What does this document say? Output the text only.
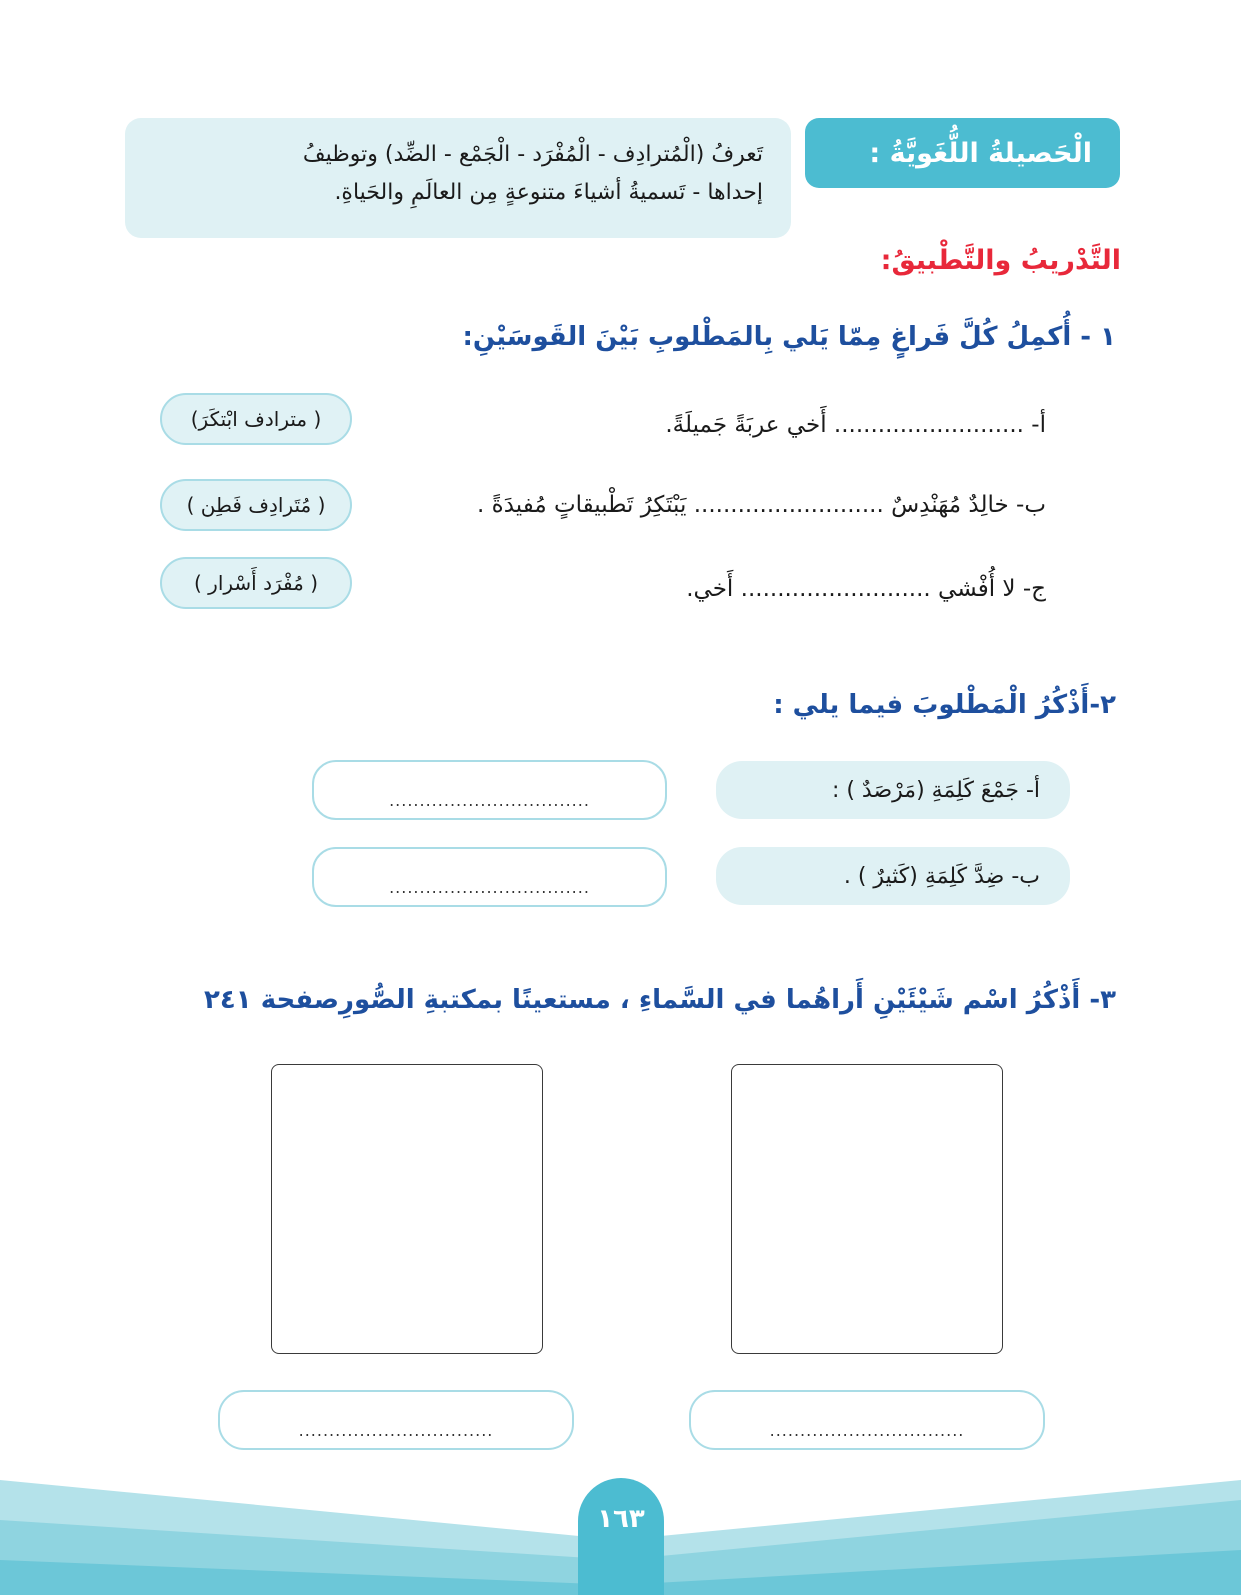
الْحَصيلةُ اللُّغَويَّةُ :
تَعرفُ (الْمُترادِف - الْمُفْرَد - الْجَمْع - الضِّد) وتوظيفُ
إحداها - تَسميةُ أشياءَ متنوعةٍ مِن العالَمِ والحَياةِ.
التَّدْريبُ والتَّطْبيقُ:
١ - أُكمِلُ كُلَّ فَراغٍ مِمّا يَلي بِالمَطْلوبِ بَيْنَ القَوسَيْنِ:
أ- .......................... أَخي عربَةً جَميلَةً.
( مترادف ابْتكَرَ)
ب- خالِدٌ مُهَنْدِسٌ .......................... يَبْتَكِرُ تَطْبيقاتٍ مُفيدَةً .
( مُتَرادِف فَطِن )
ج- لا أُفْشي .......................... أَخي.
( مُفْرَد أَسْرار )
٢-أَذْكُرُ الْمَطْلوبَ فيما يلي :
أ- جَمْعَ كَلِمَةِ (مَرْصَدٌ ) :
.................................
ب- ضِدَّ كَلِمَةِ (كَثيرٌ ) .
.................................
٣- أَذْكُرُ اسْم شَيْئَيْنِ أَراهُما في السَّماءِ ، مستعينًا بمكتبةِ الصُّورِصفحة ٢٤١
................................
................................
١٦٣
